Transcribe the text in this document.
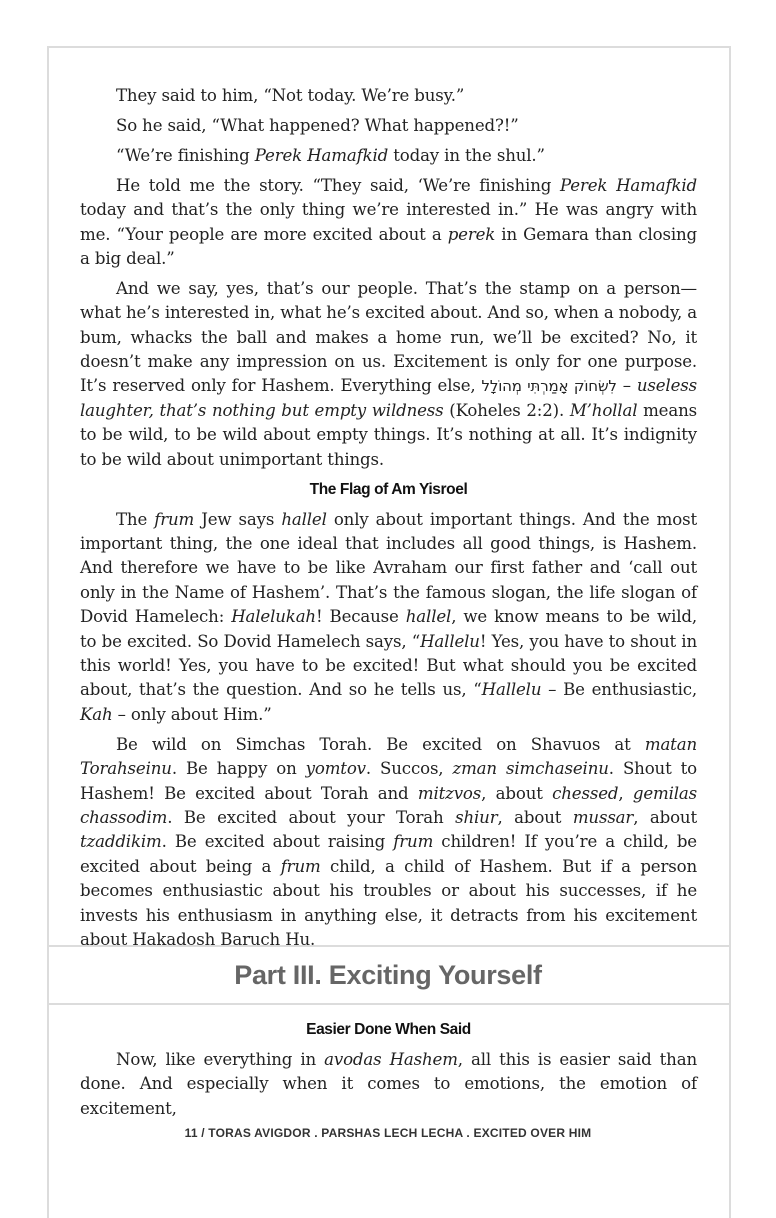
They said to him, “Not today. We’re busy.”

So he said, “What happened? What happened?!”

“We’re finishing Perek Hamafkid today in the shul.”

He told me the story. “They said, ‘We’re finishing Perek Hamafkid today and that’s the only thing we’re interested in.” He was angry with me. “Your people are more excited about a perek in Gemara than closing a big deal.”

And we say, yes, that’s our people. That’s the stamp on a person—what he’s interested in, what he’s excited about. And so, when a nobody, a bum, whacks the ball and makes a home run, we’ll be excited? No, it doesn’t make any impression on us. Excitement is only for one purpose. It’s reserved only for Hashem. Everything else, לִשְׂחוֹק אָמַרְתִּי מְהוֹלָל – useless laughter, that’s nothing but empty wildness (Koheles 2:2). M’hollal means to be wild, to be wild about empty things. It’s nothing at all. It’s indignity to be wild about unimportant things.

The Flag of Am Yisroel

The frum Jew says hallel only about important things. And the most important thing, the one ideal that includes all good things, is Hashem. And therefore we have to be like Avraham our first father and ‘call out only in the Name of Hashem’. That’s the famous slogan, the life slogan of Dovid Hamelech: Halelukah! Because hallel, we know means to be wild, to be excited. So Dovid Hamelech says, “Hallelu! Yes, you have to shout in this world! Yes, you have to be excited! But what should you be excited about, that’s the question. And so he tells us, “Hallelu – Be enthusiastic, Kah – only about Him.”

Be wild on Simchas Torah. Be excited on Shavuos at matan Torahseinu. Be happy on yomtov. Succos, zman simchaseinu. Shout to Hashem! Be excited about Torah and mitzvos, about chessed, gemilas chassodim. Be excited about your Torah shiur, about mussar, about tzaddikim. Be excited about raising frum children! If you’re a child, be excited about being a frum child, a child of Hashem. But if a person becomes enthusiastic about his troubles or about his successes, if he invests his enthusiasm in anything else, it detracts from his excitement about Hakadosh Baruch Hu.

Part III. Exciting Yourself
Easier Done When Said

Now, like everything in avodas Hashem, all this is easier said than done. And especially when it comes to emotions, the emotion of excitement,

11 / TORAS AVIGDOR . PARSHAS LECH LECHA . EXCITED OVER HIM
